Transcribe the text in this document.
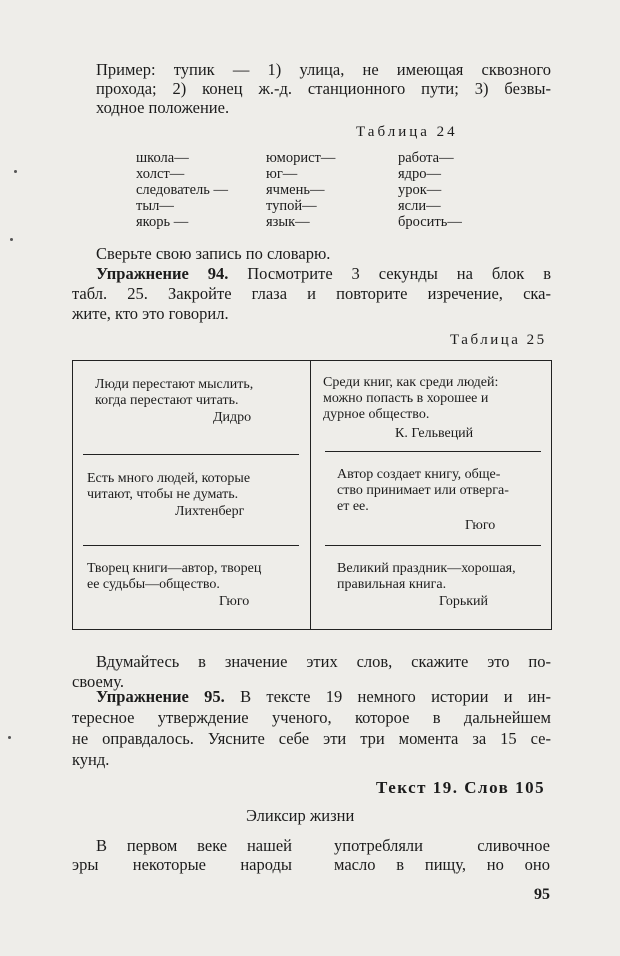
Пример: тупик — 1) улица, не имеющая сквозного
прохода; 2) конец ж.-д. станционного пути; 3) безвы-
ходное положение.
Таблица 24
школа—
холст—
следователь —
тыл—
якорь —
юморист—
юг—
ячмень—
тупой—
язык—
работа—
ядро—
урок—
ясли—
бросить—
Сверьте свою запись по словарю.
Упражнение 94. Посмотрите 3 секунды на блок в
табл. 25. Закройте глаза и повторите изречение, ска-
жите, кто это говорил.
Таблица 25
Люди перестают мыслить,
когда перестают читать.
Дидро
Есть много людей, которые
читают, чтобы не думать.
Лихтенберг
Творец книги—автор, творец
ее судьбы—общество.
Гюго
Среди книг, как среди людей:
можно попасть в хорошее и
дурное общество.
К. Гельвеций
Автор создает книгу, обще-
ство принимает или отверга-
ет ее.
Гюго
Великий праздник—хорошая,
правильная книга.
Горький
Вдумайтесь в значение этих слов, скажите это по-
своему.
Упражнение 95. В тексте 19 немного истории и ин-
тересное утверждение ученого, которое в дальнейшем
не оправдалось. Уясните себе эти три момента за 15 се-
кунд.
Текст 19. Слов 105
Эликсир жизни
В первом веке нашей
эры некоторые народы
употребляли сливочное
масло в пищу, но оно
95
